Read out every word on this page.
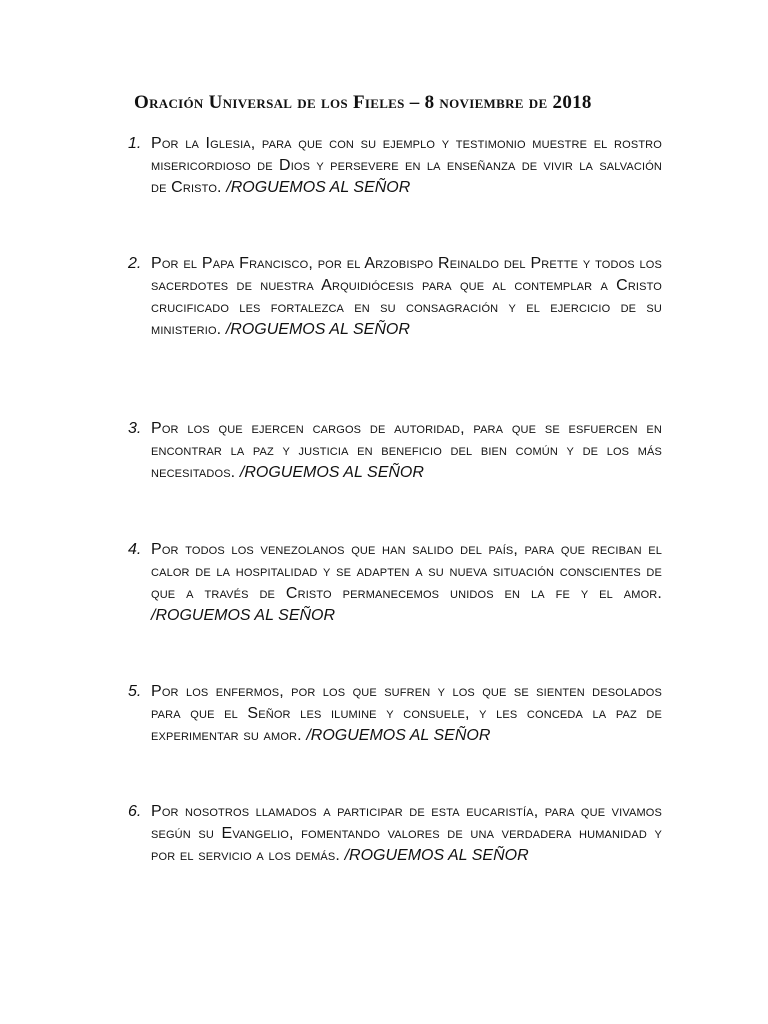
Oración Universal de los Fieles – 8 noviembre de 2018
1. Por la Iglesia, para que con su ejemplo y testimonio muestre el rostro misericordioso de Dios y persevere en la enseñanza de vivir la salvación de Cristo. /ROGUEMOS AL SEÑOR
2. Por el Papa Francisco, por el Arzobispo Reinaldo del Prette y todos los sacerdotes de nuestra Arquidiócesis para que al contemplar a Cristo crucificado les fortalezca en su consagración y el ejercicio de su ministerio. /ROGUEMOS AL SEÑOR
3. Por los que ejercen cargos de autoridad, para que se esfuercen en encontrar la paz y justicia en beneficio del bien común y de los más necesitados. /ROGUEMOS AL SEÑOR
4. Por todos los venezolanos que han salido del país, para que reciban el calor de la hospitalidad y se adapten a su nueva situación conscientes de que a través de Cristo permanecemos unidos en la fe y el amor. /ROGUEMOS AL SEÑOR
5. Por los enfermos, por los que sufren y los que se sienten desolados para que el Señor les ilumine y consuele, y les conceda la paz de experimentar su amor. /ROGUEMOS AL SEÑOR
6. Por nosotros llamados a participar de esta eucaristía, para que vivamos según su Evangelio, fomentando valores de una verdadera humanidad y por el servicio a los demás. /ROGUEMOS AL SEÑOR
